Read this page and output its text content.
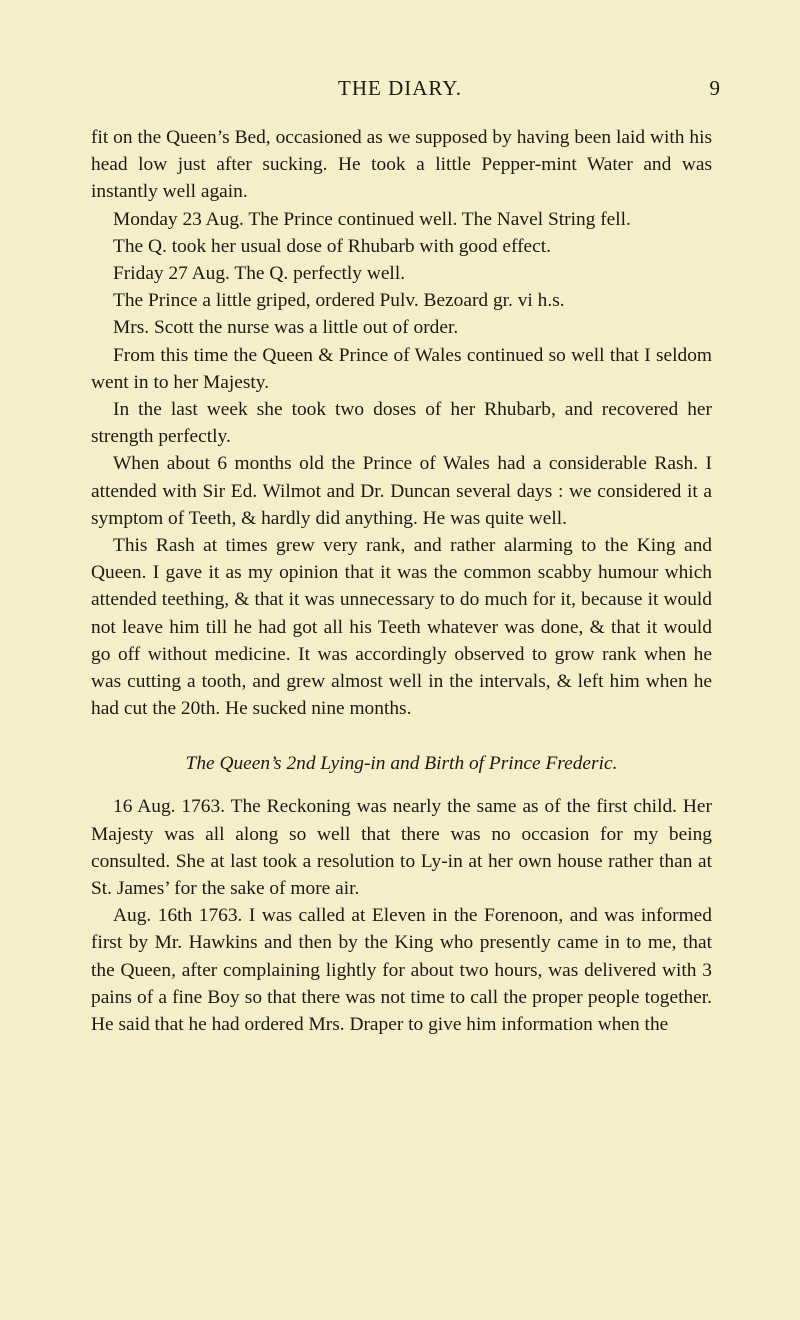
THE DIARY.	9

fit on the Queen’s Bed, occasioned as we supposed by having been laid with his head low just after sucking. He took a little Pepper-mint Water and was instantly well again.

Monday 23 Aug. The Prince continued well. The Navel String fell.

The Q. took her usual dose of Rhubarb with good effect.

Friday 27 Aug. The Q. perfectly well.

The Prince a little griped, ordered Pulv. Bezoard gr. vi h.s.

Mrs. Scott the nurse was a little out of order.

From this time the Queen & Prince of Wales continued so well that I seldom went in to her Majesty.

In the last week she took two doses of her Rhubarb, and recovered her strength perfectly.

When about 6 months old the Prince of Wales had a considerable Rash. I attended with Sir Ed. Wilmot and Dr. Duncan several days : we considered it a symptom of Teeth, & hardly did anything. He was quite well.

This Rash at times grew very rank, and rather alarming to the King and Queen. I gave it as my opinion that it was the common scabby humour which attended teething, & that it was unnecessary to do much for it, because it would not leave him till he had got all his Teeth whatever was done, & that it would go off without medicine. It was accordingly observed to grow rank when he was cutting a tooth, and grew almost well in the intervals, & left him when he had cut the 20th. He sucked nine months.

The Queen’s 2nd Lying-in and Birth of Prince Frederic.

16 Aug. 1763. The Reckoning was nearly the same as of the first child. Her Majesty was all along so well that there was no occasion for my being consulted. She at last took a resolution to Ly-in at her own house rather than at St. James’ for the sake of more air.

Aug. 16th 1763. I was called at Eleven in the Forenoon, and was informed first by Mr. Hawkins and then by the King who presently came in to me, that the Queen, after complaining lightly for about two hours, was delivered with 3 pains of a fine Boy so that there was not time to call the proper people together. He said that he had ordered Mrs. Draper to give him information when the
